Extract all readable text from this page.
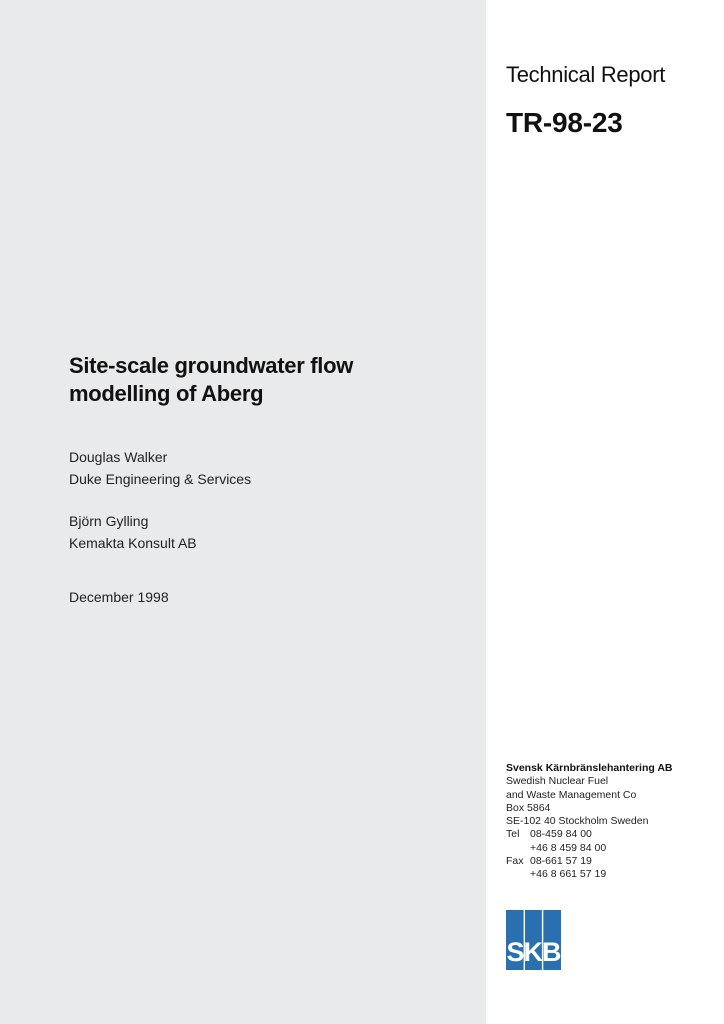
Technical Report
TR-98-23
Site-scale groundwater flow
modelling of Aberg
Douglas Walker
Duke Engineering & Services
Björn Gylling
Kemakta Konsult AB
December 1998
Svensk Kärnbränslehantering AB
Swedish Nuclear Fuel
and Waste Management Co
Box 5864
SE-102 40 Stockholm Sweden
Tel 08-459 84 00
+46 8 459 84 00
Fax 08-661 57 19
+46 8 661 57 19
SKB
